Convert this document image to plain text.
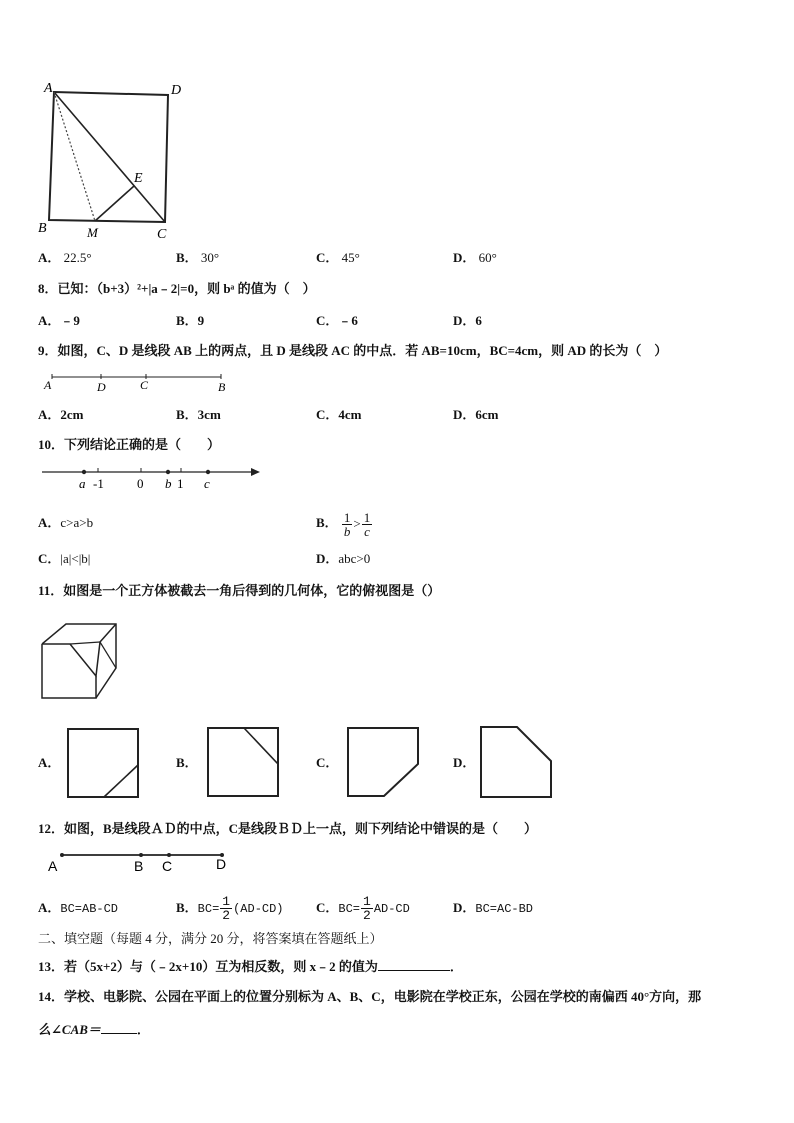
A	D
B	C
E
M
A． 22.5°	B． 30°	C． 45°	D． 60°
8．已知：（b+3）²+|a﹣2|=0，则 bᵃ 的值为（　）
A．﹣9	B．9	C．﹣6	D．6
9．如图，C、D 是线段 AB 上的两点，且 D 是线段 AC 的中点．若 AB=10cm，BC=4cm，则 AD 的长为（　）
A	D	C	B
A．2cm	B．3cm	C．4cm	D．6cm
10．下列结论正确的是（　　）
a -1	0 b 1 c
A．c>a>b	B． $\frac{1}{b} > \frac{1}{c}$
C．|a|<|b|	D．abc>0
11．如图是一个正方体被截去一角后得到的几何体，它的俯视图是（）
A．	B．	C．	D．
12．如图，B是线段ＡＤ的中点，C是线段ＢＤ上一点，则下列结论中错误的是（　　）
A	B C	D
A．BC=AB-CD	B．$BC= \frac{1}{2} (AD-CD)$ C．$BC= \frac{1}{2} AD-CD$	D．BC=AC-BD
二、填空题（每题 4 分，满分 20 分，将答案填在答题纸上）
13．若（5x+2）与（﹣2x+10）互为相反数，则 x﹣2 的值为	．
14．学校、电影院、公园在平面上的位置分别标为 A、B、C，电影院在学校正东，公园在学校的南偏西 40°方向，那
么∠CAB＝	．
